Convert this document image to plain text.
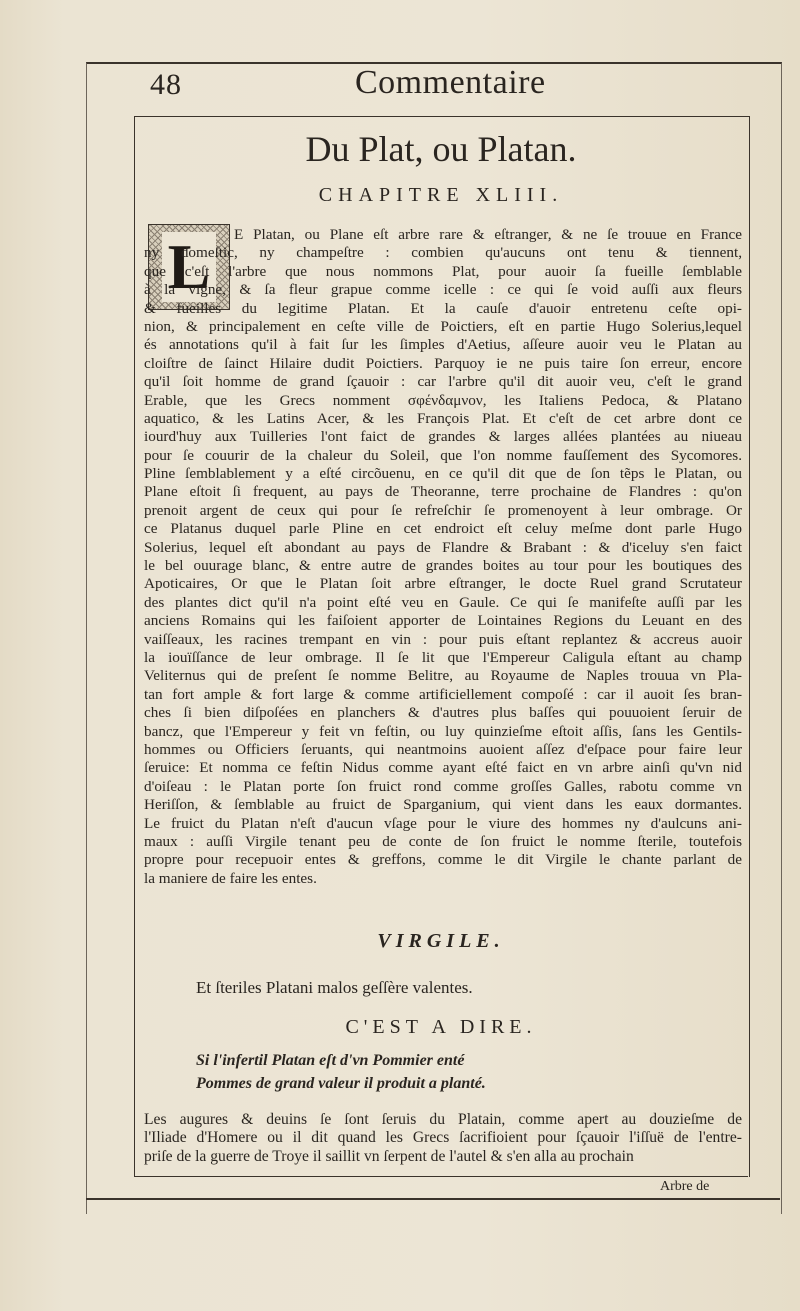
48	Commentaire
Du Plat, ou Platan.
CHAPITRE XLIII.
L	E Platan, ou Plane eſt arbre rare & eſtranger, & ne ſe trouue en France
ny domeſtic, ny champeſtre : combien qu'aucuns ont tenu & tiennent,
que c'eſt l'arbre que nous nommons Plat, pour auoir ſa fueille ſemblable
à la vigne, & ſa fleur grapue comme icelle : ce qui ſe void auſſi aux fleurs
& fueilles du legitime Platan. Et la cauſe d'auoir entretenu ceſte opi-
nion, & principalement en ceſte ville de Poictiers, eſt en partie Hugo Solerius,lequel
és annotations qu'il à fait ſur les ſimples d'Aetius, aſſeure auoir veu le Platan au
cloiſtre de ſainct Hilaire dudit Poictiers. Parquoy ie ne puis taire ſon erreur, encore
qu'il ſoit homme de grand ſçauoir : car l'arbre qu'il dit auoir veu, c'eſt le grand
Erable, que les Grecs nomment σφένδαμνον, les Italiens Pedoca, & Platano
aquatico, & les Latins Acer, & les François Plat. Et c'eſt de cet arbre dont ce
iourd'huy aux Tuilleries l'ont faict de grandes & larges allées plantées au niueau
pour ſe couurir de la chaleur du Soleil, que l'on nomme fauſſement des Sycomores.
Pline ſemblablement y a eſté circõuenu, en ce qu'il dit que de ſon tẽps le Platan, ou
Plane eſtoit ſi frequent, au pays de Theoranne, terre prochaine de Flandres : qu'on
prenoit argent de ceux qui pour ſe refreſchir ſe promenoyent à leur ombrage. Or
ce Platanus duquel parle Pline en cet endroict eſt celuy meſme dont parle Hugo
Solerius, lequel eſt abondant au pays de Flandre & Brabant : & d'iceluy s'en faict
le bel ouurage blanc, & entre autre de grandes boites au tour pour les boutiques des
Apoticaires, Or que le Platan ſoit arbre eſtranger, le docte Ruel grand Scrutateur
des plantes dict qu'il n'a point eſté veu en Gaule. Ce qui ſe manifeſte auſſi par les
anciens Romains qui les faiſoient apporter de Lointaines Regions du Leuant en des
vaiſſeaux, les racines trempant en vin : pour puis eſtant replantez & accreus auoir
la iouïſſance de leur ombrage. Il ſe lit que l'Empereur Caligula eſtant au champ
Veliternus qui de preſent ſe nomme Belitre, au Royaume de Naples trouua vn Pla-
tan fort ample & fort large & comme artificiellement compoſé : car il auoit ſes bran-
ches ſi bien diſpoſées en planchers & d'autres plus baſſes qui pouuoient ſeruir de
bancz, que l'Empereur y feit vn feſtin, ou luy quinzieſme eſtoit aſſis, ſans les Gentils-
hommes ou Officiers ſeruants, qui neantmoins auoient aſſez d'eſpace pour faire leur
ſeruice: Et nomma ce feſtin Nidus comme ayant eſté faict en vn arbre ainſi qu'vn nid
d'oiſeau : le Platan porte ſon fruict rond comme groſſes Galles, rabotu comme vn
Heriſſon, & ſemblable au fruict de Sparganium, qui vient dans les eaux dormantes.
Le fruict du Platan n'eſt d'aucun vſage pour le viure des hommes ny d'aulcuns ani-
maux : auſſi Virgile tenant peu de conte de ſon fruict le nomme ſterile, toutefois
propre pour recepuoir entes & greffons, comme le dit Virgile le chante parlant de
la maniere de faire les entes.
VIRGILE.
Et ſteriles Platani malos geſſère valentes.
C'EST A DIRE.
Si l'infertil Platan eſt d'vn Pommier enté
Pommes de grand valeur il produit a planté.
Les augures & deuins ſe ſont ſeruis du Platain, comme apert au douzieſme de
l'Iliade d'Homere ou il dit quand les Grecs ſacrifioient pour ſçauoir l'iſſuë de l'entre-
priſe de la guerre de Troye il saillit vn ſerpent de l'autel & s'en alla au prochain
Arbre de
